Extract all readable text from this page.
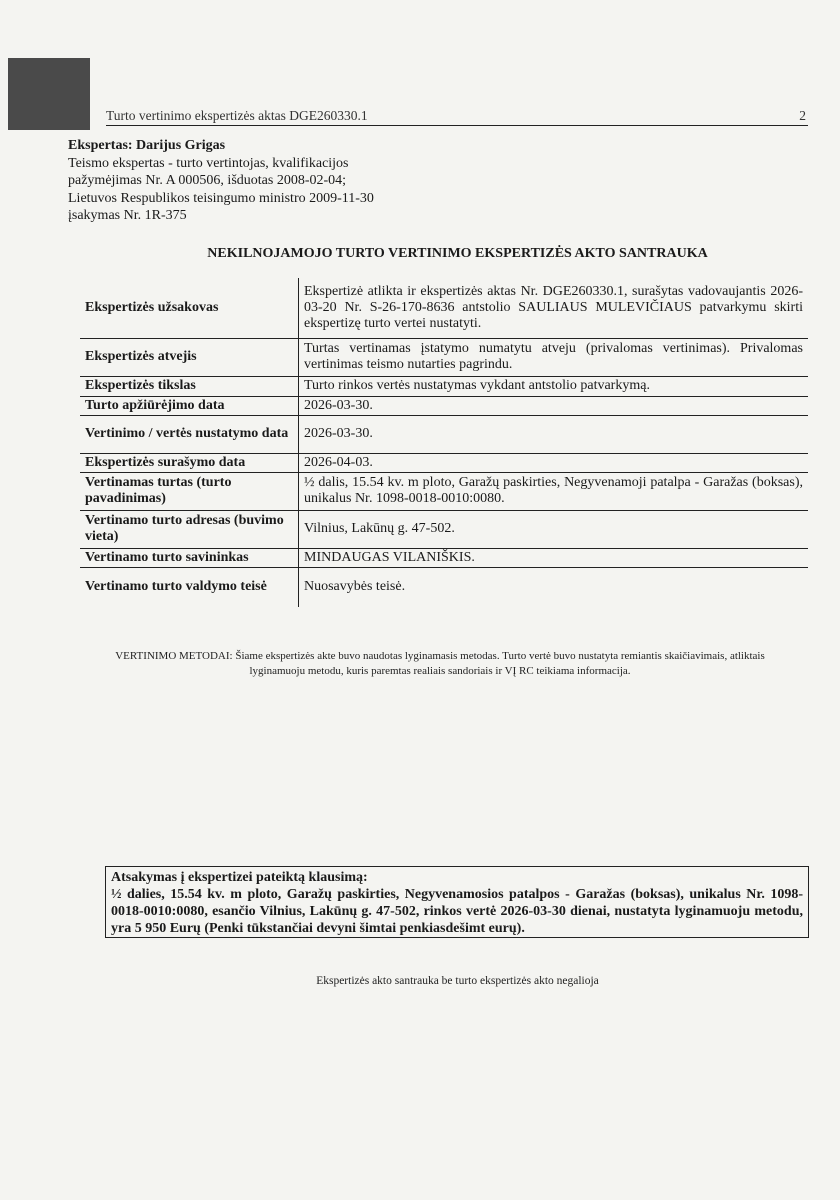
Turto vertinimo ekspertizės aktas DGE260330.1	2
Ekspertas: Darijus Grigas
Teismo ekspertas - turto vertintojas, kvalifikacijos
pažymėjimas Nr. A 000506, išduotas 2008-02-04;
Lietuvos Respublikos teisingumo ministro 2009-11-30
įsakymas Nr. 1R-375
NEKILNOJAMOJO TURTO VERTINIMO EKSPERTIZĖS AKTO SANTRAUKA
Ekspertizės užsakovas	Ekspertizė atlikta ir ekspertizės aktas Nr. DGE260330.1, surašytas vadovaujantis 2026-03-20 Nr. S-26-170-8636 antstolio SAULIAUS MULEVIČIAUS patvarkymu skirti ekspertizę turto vertei nustatyti.
Ekspertizės atvejis	Turtas vertinamas įstatymo numatytu atveju (privalomas vertinimas). Privalomas vertinimas teismo nutarties pagrindu.
Ekspertizės tikslas	Turto rinkos vertės nustatymas vykdant antstolio patvarkymą.
Turto apžiūrėjimo data	2026-03-30.
Vertinimo / vertės nustatymo data	2026-03-30.
Ekspertizės surašymo data	2026-04-03.
Vertinamas turtas (turto pavadinimas)	½ dalis, 15.54 kv. m ploto, Garažų paskirties, Negyvenamoji patalpa - Garažas (boksas), unikalus Nr. 1098-0018-0010:0080.
Vertinamo turto adresas (buvimo vieta)	Vilnius, Lakūnų g. 47-502.
Vertinamo turto savininkas	MINDAUGAS VILANIŠKIS.
Vertinamo turto valdymo teisė	Nuosavybės teisė.
VERTINIMO METODAI: Šiame ekspertizės akte buvo naudotas lyginamasis metodas. Turto vertė buvo nustatyta remiantis skaičiavimais, atliktais lyginamuoju metodu, kuris paremtas realiais sandoriais ir VĮ RC teikiama informacija.
Atsakymas į ekspertizei pateiktą klausimą:
½ dalies, 15.54 kv. m ploto, Garažų paskirties, Negyvenamosios patalpos - Garažas (boksas), unikalus Nr. 1098-0018-0010:0080, esančio Vilnius, Lakūnų g. 47-502, rinkos vertė 2026-03-30 dienai, nustatyta lyginamuoju metodu, yra 5 950 Eurų (Penki tūkstančiai devyni šimtai penkiasdešimt eurų).
Ekspertizės akto santrauka be turto ekspertizės akto negalioja
